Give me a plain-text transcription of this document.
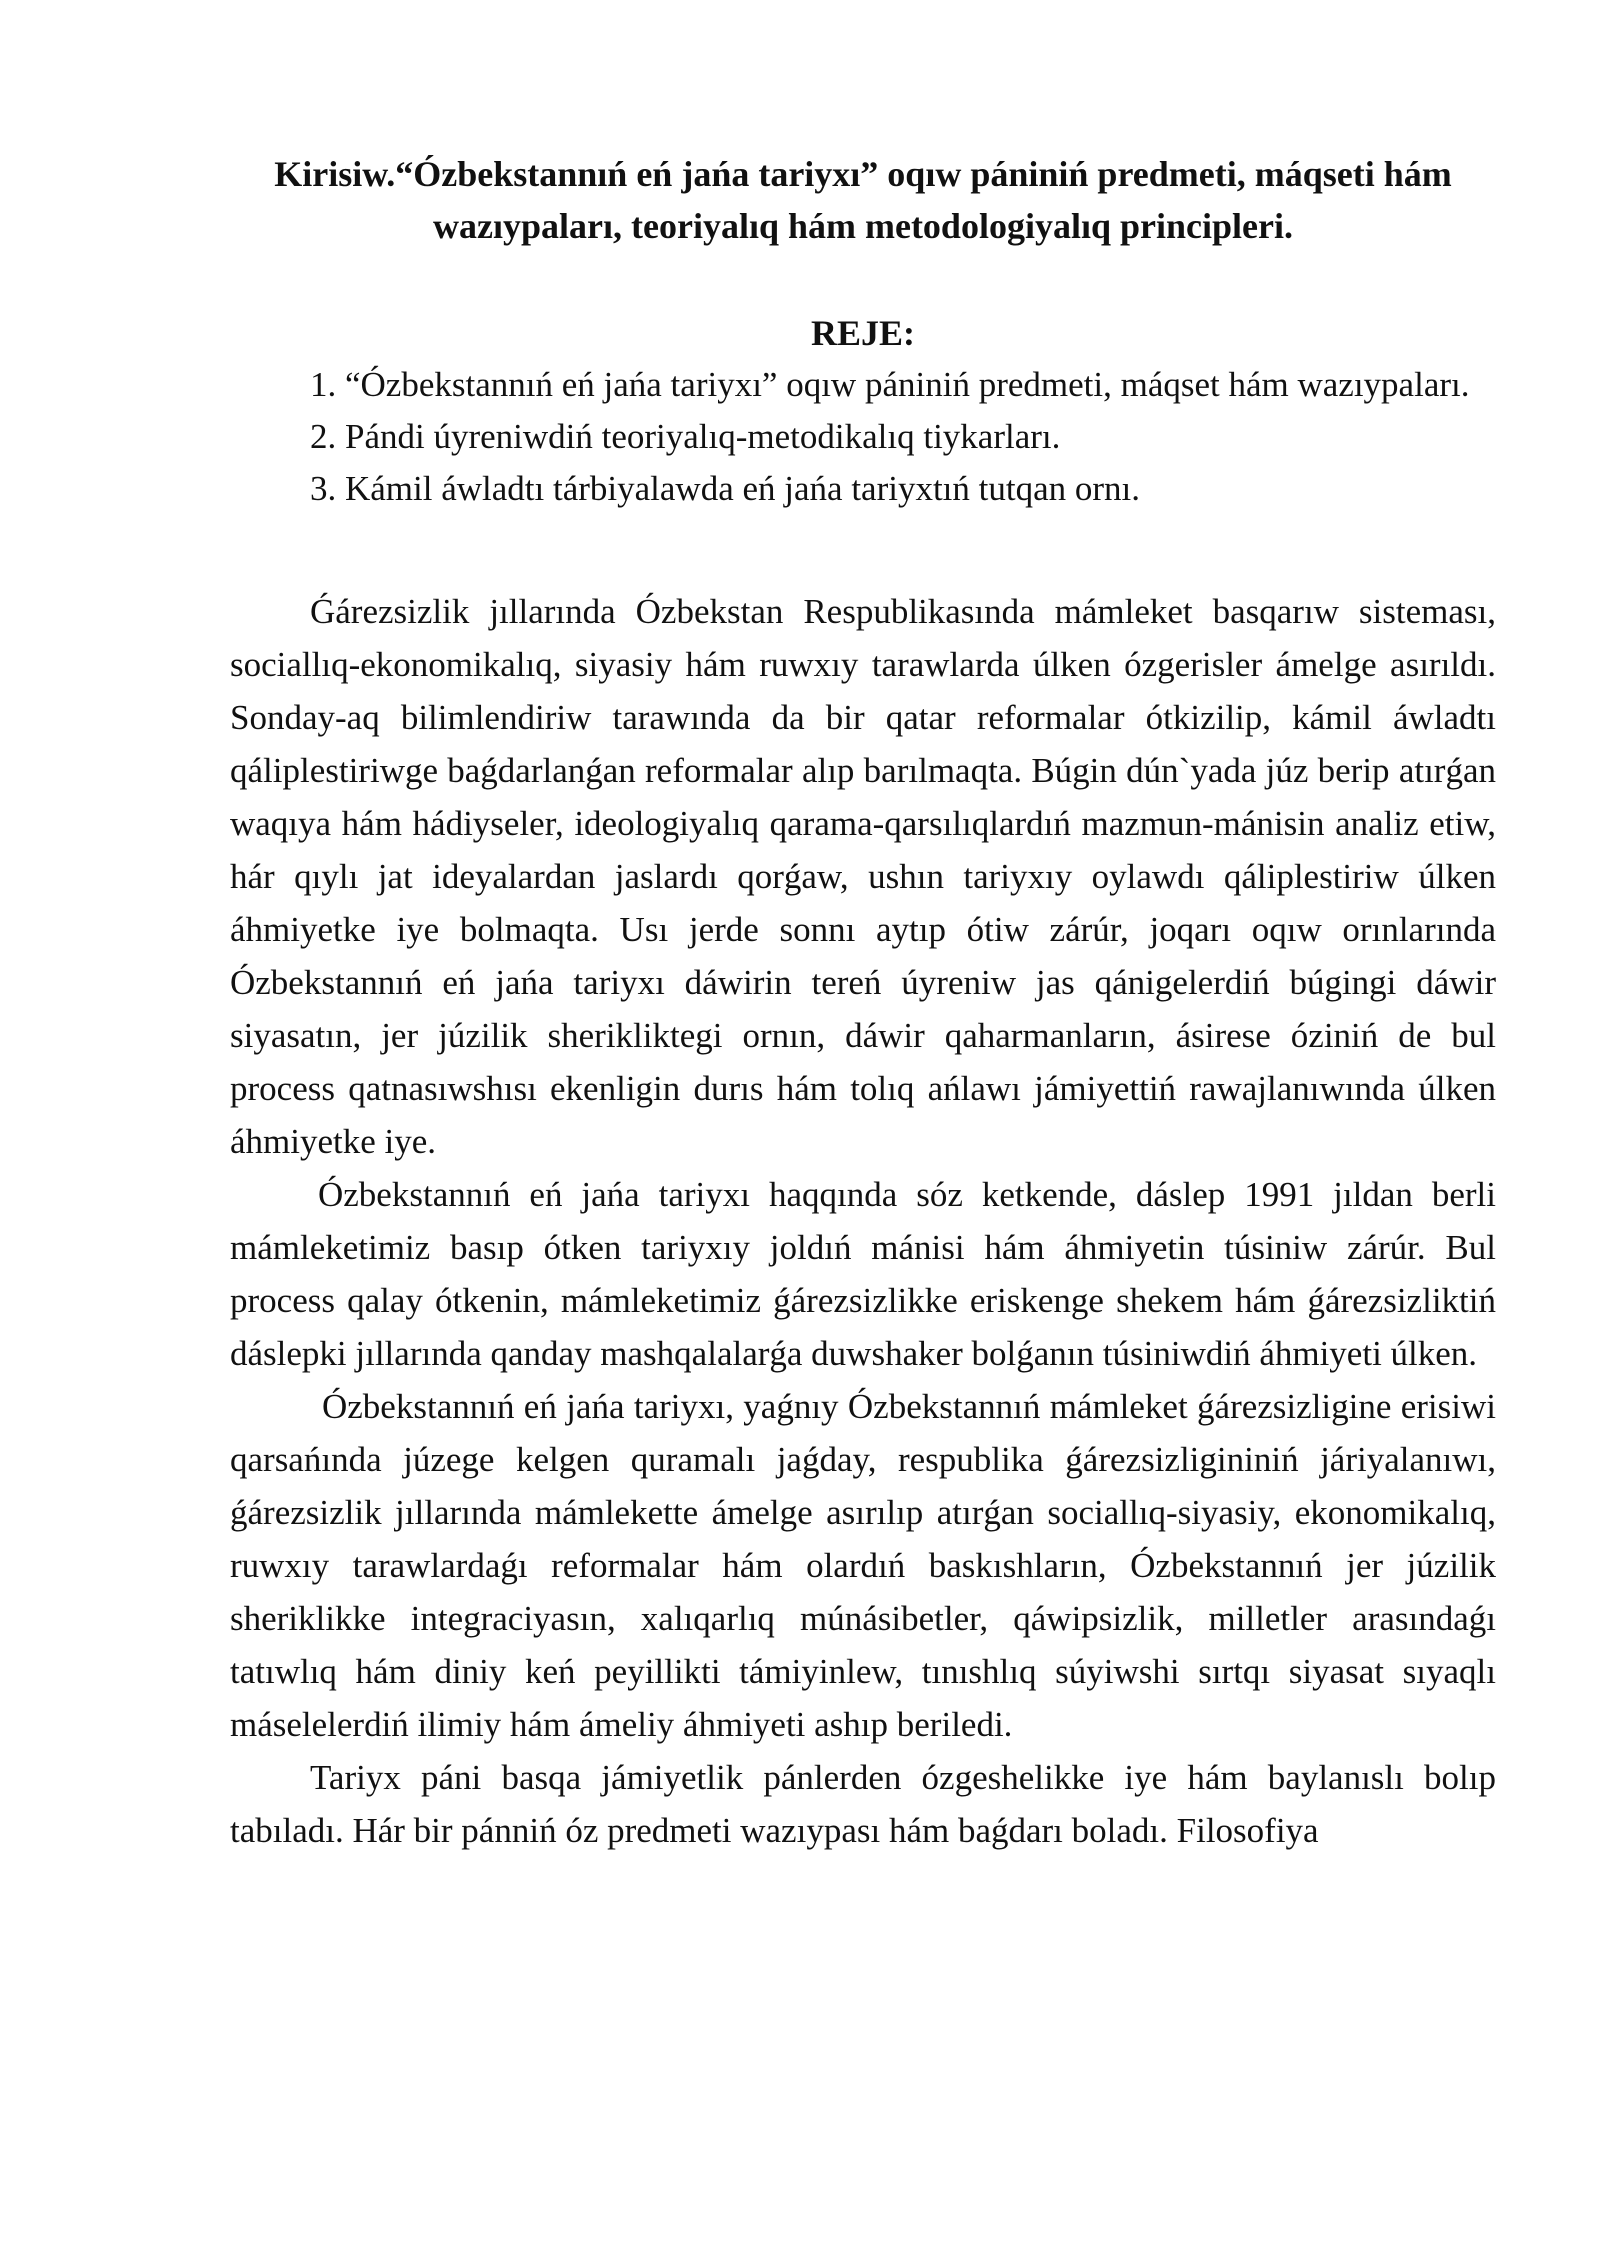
Kirisiw.“Ózbekstannıń eń jańa tariyxı” oqıw pániniń predmeti, máqseti hám wazıypaları, teoriyalıq hám metodologiyalıq principleri.
REJE:
1. “Ózbekstannıń eń jańa tariyxı” oqıw pániniń predmeti, máqset hám wazıypaları.
2. Pándi úyreniwdiń teoriyalıq-metodikalıq tiykarları.
3. Kámil áwladtı tárbiyalawda eń jańa tariyxtıń tutqan ornı.

Ǵárezsizlik jıllarında Ózbekstan Respublikasında mámleket basqarıw sisteması, sociallıq-ekonomikalıq, siyasiy hám ruwxıy tarawlarda úlken ózgerisler ámelge asırıldı. Sonday-aq bilimlendiriw tarawında da bir qatar reformalar ótkizilip, kámil áwladtı qáliplestiriwge baǵdarlanǵan reformalar alıp barılmaqta. Búgin dún`yada júz berip atırǵan waqıya hám hádiyseler, ideologiyalıq qarama-qarsılıqlardıń mazmun-mánisin analiz etiw, hár qıylı jat ideyalardan jaslardı qorǵaw, ushın tariyxıy oylawdı qáliplestiriw úlken áhmiyetke iye bolmaqta. Usı jerde sonnı aytıp ótiw zárúr, joqarı oqıw orınlarında Ózbekstannıń eń jańa tariyxı dáwirin tereń úyreniw jas qánigelerdiń búgingi dáwir siyasatın, jer júzilik sherikliktegi ornın, dáwir qaharmanların, ásirese óziniń de bul process qatnasıwshısı ekenligin durıs hám tolıq ańlawı jámiyettiń rawajlanıwında úlken áhmiyetke iye.

Ózbekstannıń eń jańa tariyxı haqqında sóz ketkende, dáslep 1991 jıldan berli mámleketimiz basıp ótken tariyxıy joldıń mánisi hám áhmiyetin túsiniw zárúr. Bul process qalay ótkenin, mámleketimiz ǵárezsizlikke eriskenge shekem hám ǵárezsizliktiń dáslepki jıllarında qanday mashqalalarǵa duwshaker bolǵanın túsiniwdiń áhmiyeti úlken.

Ózbekstannıń eń jańa tariyxı, yaǵnıy Ózbekstannıń mámleket ǵárezsizligine erisiwi qarsańında júzege kelgen quramalı jaǵday, respublika ǵárezsizligininiń járiyalanıwı, ǵárezsizlik jıllarında mámlekette ámelge asırılıp atırǵan sociallıq-siyasiy, ekonomikalıq, ruwxıy tarawlardaǵı reformalar hám olardıń baskıshların, Ózbekstannıń jer júzilik sheriklikke integraciyasın, xalıqarlıq múnásibetler, qáwipsizlik, milletler arasındaǵı tatıwlıq hám diniy keń peyillikti támiyinlew, tınıshlıq súyiwshi sırtqı siyasat sıyaqlı máselelerdiń ilimiy hám ámeliy áhmiyeti ashıp beriledi.

Tariyx páni basqa jámiyetlik pánlerden ózgeshelikke iye hám baylanıslı bolıp tabıladı. Hár bir pánniń óz predmeti wazıypası hám baǵdarı boladı. Filosofiya
